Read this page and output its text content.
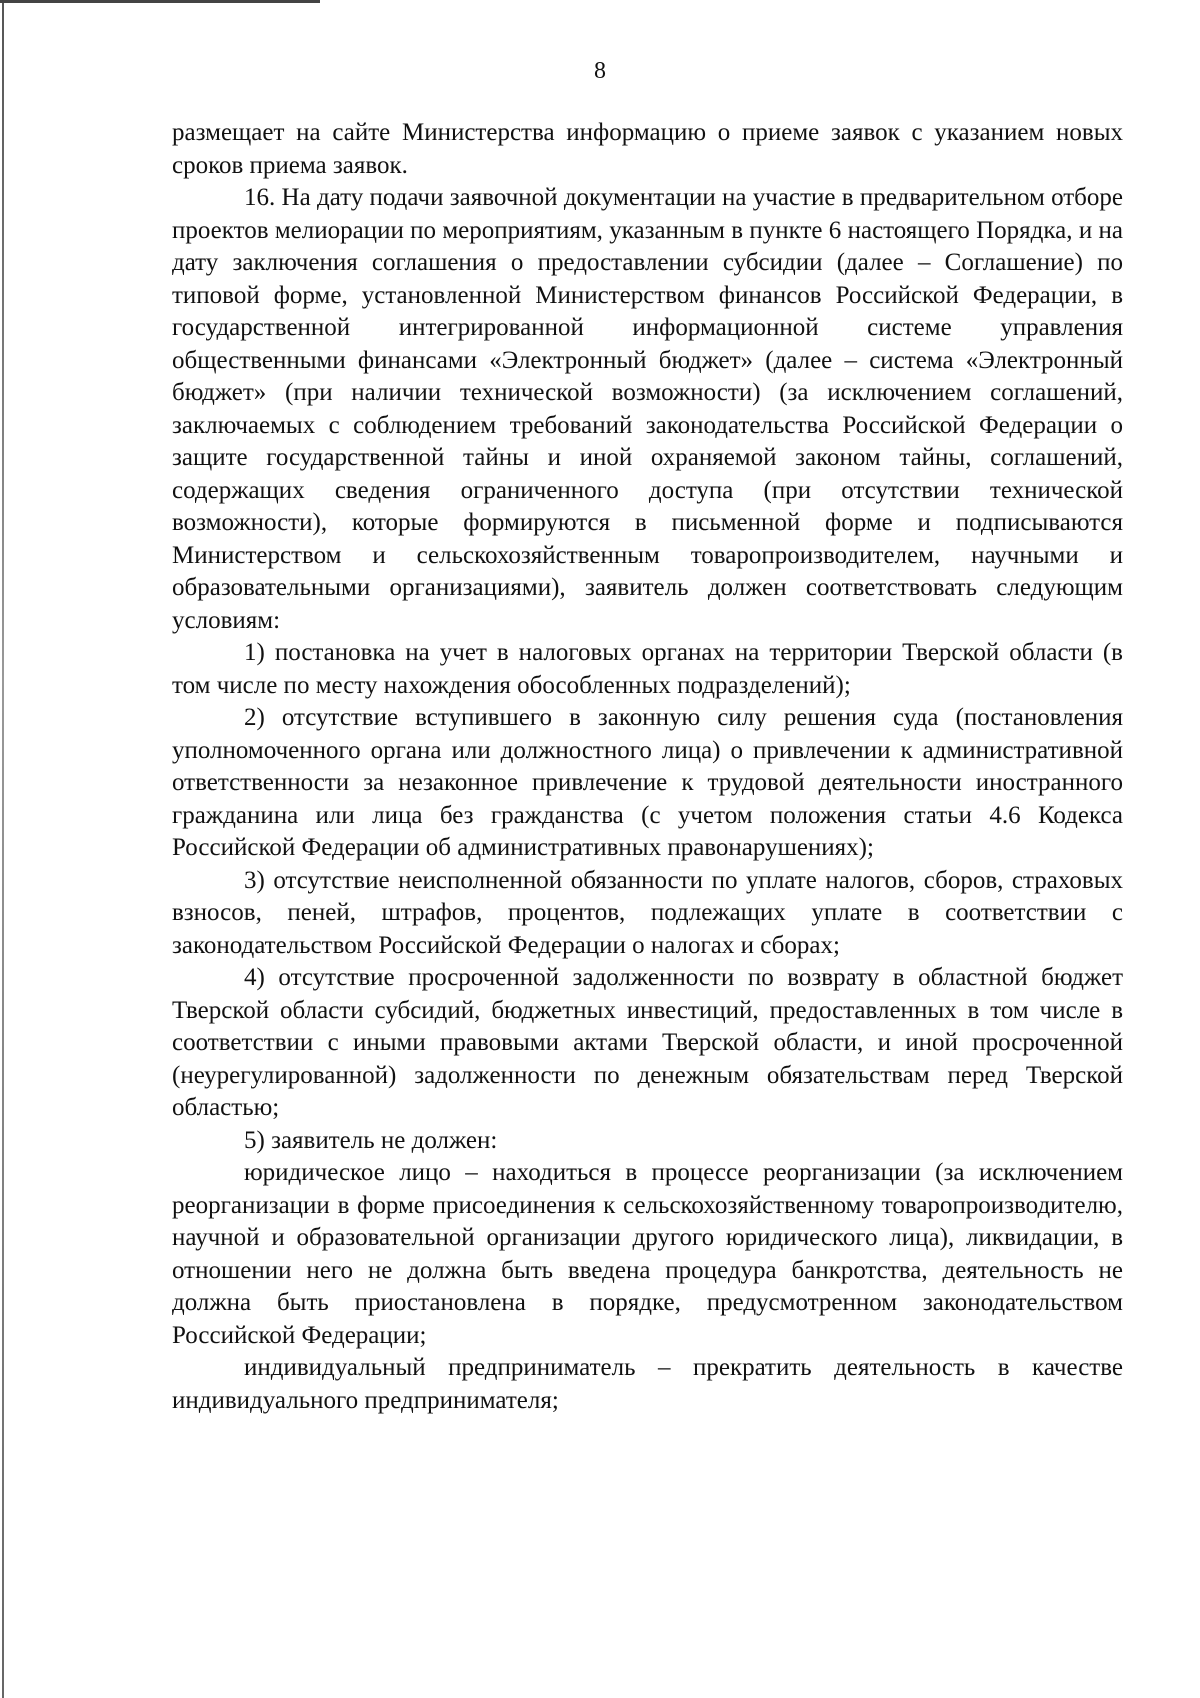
8

размещает на сайте Министерства информацию о приеме заявок с указанием новых сроков приема заявок.

16. На дату подачи заявочной документации на участие в предварительном отборе проектов мелиорации по мероприятиям, указанным в пункте 6 настоящего Порядка, и на дату заключения соглашения о предоставлении субсидии (далее – Соглашение) по типовой форме, установленной Министерством финансов Российской Федерации, в государственной интегрированной информационной системе управления общественными финансами «Электронный бюджет» (далее – система «Электронный бюджет» (при наличии технической возможности) (за исключением соглашений, заключаемых с соблюдением требований законодательства Российской Федерации о защите государственной тайны и иной охраняемой законом тайны, соглашений, содержащих сведения ограниченного доступа (при отсутствии технической возможности), которые формируются в письменной форме и подписываются Министерством и сельскохозяйственным товаропроизводителем, научными и образовательными организациями), заявитель должен соответствовать следующим условиям:

1) постановка на учет в налоговых органах на территории Тверской области (в том числе по месту нахождения обособленных подразделений);

2) отсутствие вступившего в законную силу решения суда (постановления уполномоченного органа или должностного лица) о привлечении к административной ответственности за незаконное привлечение к трудовой деятельности иностранного гражданина или лица без гражданства (с учетом положения статьи 4.6 Кодекса Российской Федерации об административных правонарушениях);

3) отсутствие неисполненной обязанности по уплате налогов, сборов, страховых взносов, пеней, штрафов, процентов, подлежащих уплате в соответствии с законодательством Российской Федерации о налогах и сборах;

4) отсутствие просроченной задолженности по возврату в областной бюджет Тверской области субсидий, бюджетных инвестиций, предоставленных в том числе в соответствии с иными правовыми актами Тверской области, и иной просроченной (неурегулированной) задолженности по денежным обязательствам перед Тверской областью;

5) заявитель не должен:

юридическое лицо – находиться в процессе реорганизации (за исключением реорганизации в форме присоединения к сельскохозяйственному товаропроизводителю, научной и образовательной организации другого юридического лица), ликвидации, в отношении него не должна быть введена процедура банкротства, деятельность не должна быть приостановлена в порядке, предусмотренном законодательством Российской Федерации;

индивидуальный предприниматель – прекратить деятельность в качестве индивидуального предпринимателя;
